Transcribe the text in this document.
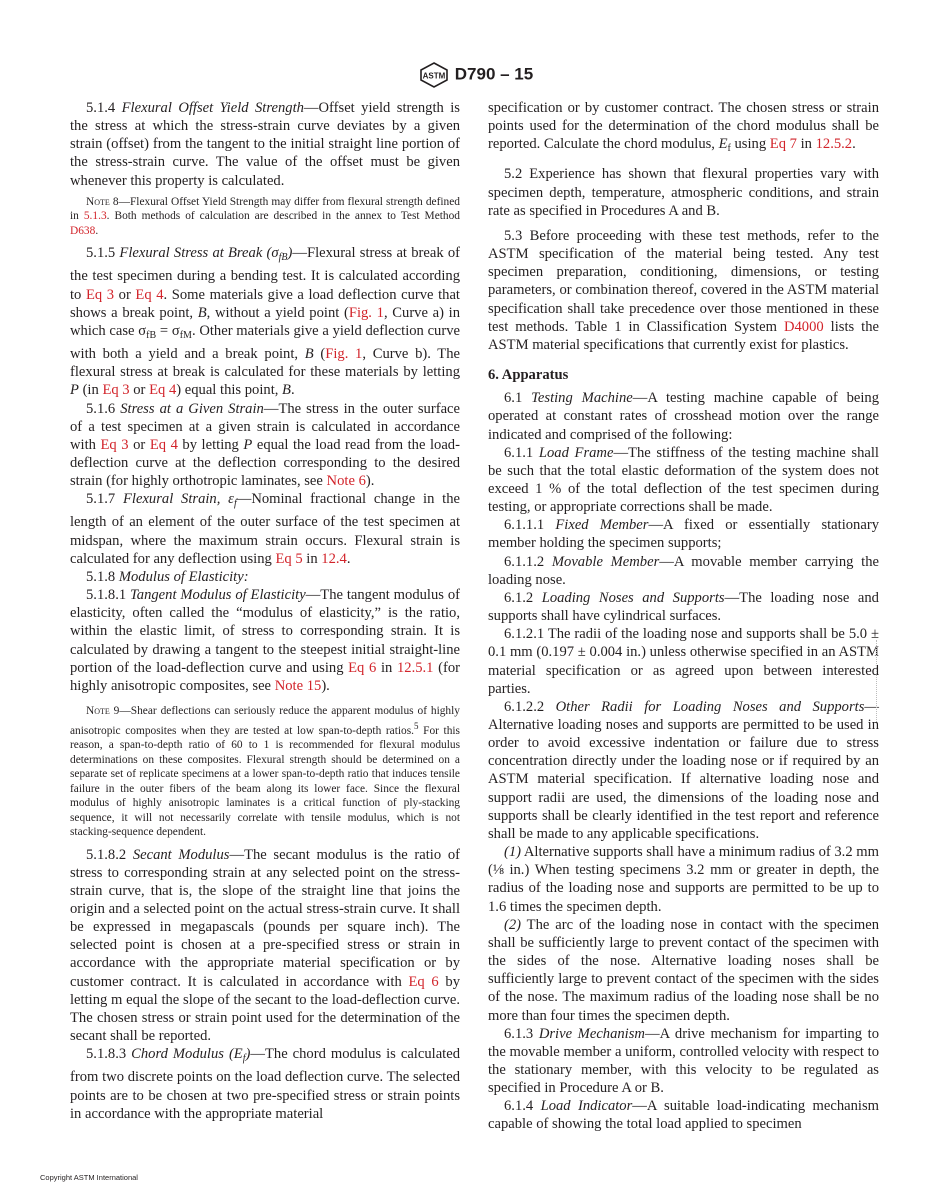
ASTM D790 – 15

5.1.4 Flexural Offset Yield Strength—Offset yield strength is the stress at which the stress-strain curve deviates by a given strain (offset) from the tangent to the initial straight line portion of the stress-strain curve. The value of the offset must be given whenever this property is calculated.

Note 8—Flexural Offset Yield Strength may differ from flexural strength defined in 5.1.3. Both methods of calculation are described in the annex to Test Method D638.

5.1.5 Flexural Stress at Break $(\sigma_{fB})—Flexural$ stress at break of the test specimen during a bending test. It is calculated according to Eq 3 or Eq 4. Some materials give a load deflection curve that shows a break point, B, without a yield point (Fig. 1, Curve a) in which case $\sigma_{fB} = \sigma_{fM}$. Other materials give a yield deflection curve with both a yield and a break point, B (Fig. 1, Curve b). The flexural stress at break is calculated for these materials by letting P (in Eq 3 or Eq 4) equal this point, B.

5.1.6 Stress at a Given Strain—The stress in the outer surface of a test specimen at a given strain is calculated in accordance with Eq 3 or Eq 4 by letting P equal the load read from the load-deflection curve at the deflection corresponding to the desired strain (for highly orthotropic laminates, see Note 6).

5.1.7 Flexural Strain, $\varepsilon_f—Nominal$ fractional change in the length of an element of the outer surface of the test specimen at midspan, where the maximum strain occurs. Flexural strain is calculated for any deflection using Eq 5 in 12.4.

5.1.8 Modulus of Elasticity:

5.1.8.1 Tangent Modulus of Elasticity—The tangent modulus of elasticity, often called the “modulus of elasticity,” is the ratio, within the elastic limit, of stress to corresponding strain. It is calculated by drawing a tangent to the steepest initial straight-line portion of the load-deflection curve and using Eq 6 in 12.5.1 (for highly anisotropic composites, see Note 15).

Note 9—Shear deflections can seriously reduce the apparent modulus of highly anisotropic composites when they are tested at low span-to-depth ratios.$^5$ For this reason, a span-to-depth ratio of 60 to 1 is recommended for flexural modulus determinations on these composites. Flexural strength should be determined on a separate set of replicate specimens at a lower span-to-depth ratio that induces tensile failure in the outer fibers of the beam along its lower face. Since the flexural modulus of highly anisotropic laminates is a critical function of ply-stacking sequence, it will not necessarily correlate with tensile modulus, which is not stacking-sequence dependent.

5.1.8.2 Secant Modulus—The secant modulus is the ratio of stress to corresponding strain at any selected point on the stress-strain curve, that is, the slope of the straight line that joins the origin and a selected point on the actual stress-strain curve. It shall be expressed in megapascals (pounds per square inch). The selected point is chosen at a pre-specified stress or strain in accordance with the appropriate material specification or by customer contract. It is calculated in accordance with Eq 6 by letting m equal the slope of the secant to the load-deflection curve. The chosen stress or strain point used for the determination of the secant shall be reported.

5.1.8.3 Chord Modulus $(E_f)—The$ chord modulus is calculated from two discrete points on the load deflection curve. The selected points are to be chosen at two pre-specified stress or strain points in accordance with the appropriate material

specification or by customer contract. The chosen stress or strain points used for the determination of the chord modulus shall be reported. Calculate the chord modulus, $E_f$ using Eq 7 in 12.5.2.

5.2 Experience has shown that flexural properties vary with specimen depth, temperature, atmospheric conditions, and strain rate as specified in Procedures A and B.

5.3 Before proceeding with these test methods, refer to the ASTM specification of the material being tested. Any test specimen preparation, conditioning, dimensions, or testing parameters, or combination thereof, covered in the ASTM material specification shall take precedence over those mentioned in these test methods. Table 1 in Classification System D4000 lists the ASTM material specifications that currently exist for plastics.

6. Apparatus

6.1 Testing Machine—A testing machine capable of being operated at constant rates of crosshead motion over the range indicated and comprised of the following:

6.1.1 Load Frame—The stiffness of the testing machine shall be such that the total elastic deformation of the system does not exceed 1 % of the total deflection of the test specimen during testing, or appropriate corrections shall be made.

6.1.1.1 Fixed Member—A fixed or essentially stationary member holding the specimen supports;

6.1.1.2 Movable Member—A movable member carrying the loading nose.

6.1.2 Loading Noses and Supports—The loading nose and supports shall have cylindrical surfaces.

6.1.2.1 The radii of the loading nose and supports shall be 5.0 ± 0.1 mm (0.197 ± 0.004 in.) unless otherwise specified in an ASTM material specification or as agreed upon between interested parties.

6.1.2.2 Other Radii for Loading Noses and Supports—Alternative loading noses and supports are permitted to be used in order to avoid excessive indentation or failure due to stress concentration directly under the loading nose or if required by an ASTM material specification. If alternative loading nose and support radii are used, the dimensions of the loading nose and supports shall be clearly identified in the test report and reference shall be made to any applicable specifications.

(1) Alternative supports shall have a minimum radius of 3.2 mm (⅛ in.) When testing specimens 3.2 mm or greater in depth, the radius of the loading nose and supports are permitted to be up to 1.6 times the specimen depth.

(2) The arc of the loading nose in contact with the specimen shall be sufficiently large to prevent contact of the specimen with the sides of the nose. Alternative loading noses shall be sufficiently large to prevent contact of the specimen with the sides of the nose. The maximum radius of the loading nose shall be no more than four times the specimen depth.

6.1.3 Drive Mechanism—A drive mechanism for imparting to the movable member a uniform, controlled velocity with respect to the stationary member, with this velocity to be regulated as specified in Procedure A or B.

6.1.4 Load Indicator—A suitable load-indicating mechanism capable of showing the total load applied to specimen

Copyright ASTM International
